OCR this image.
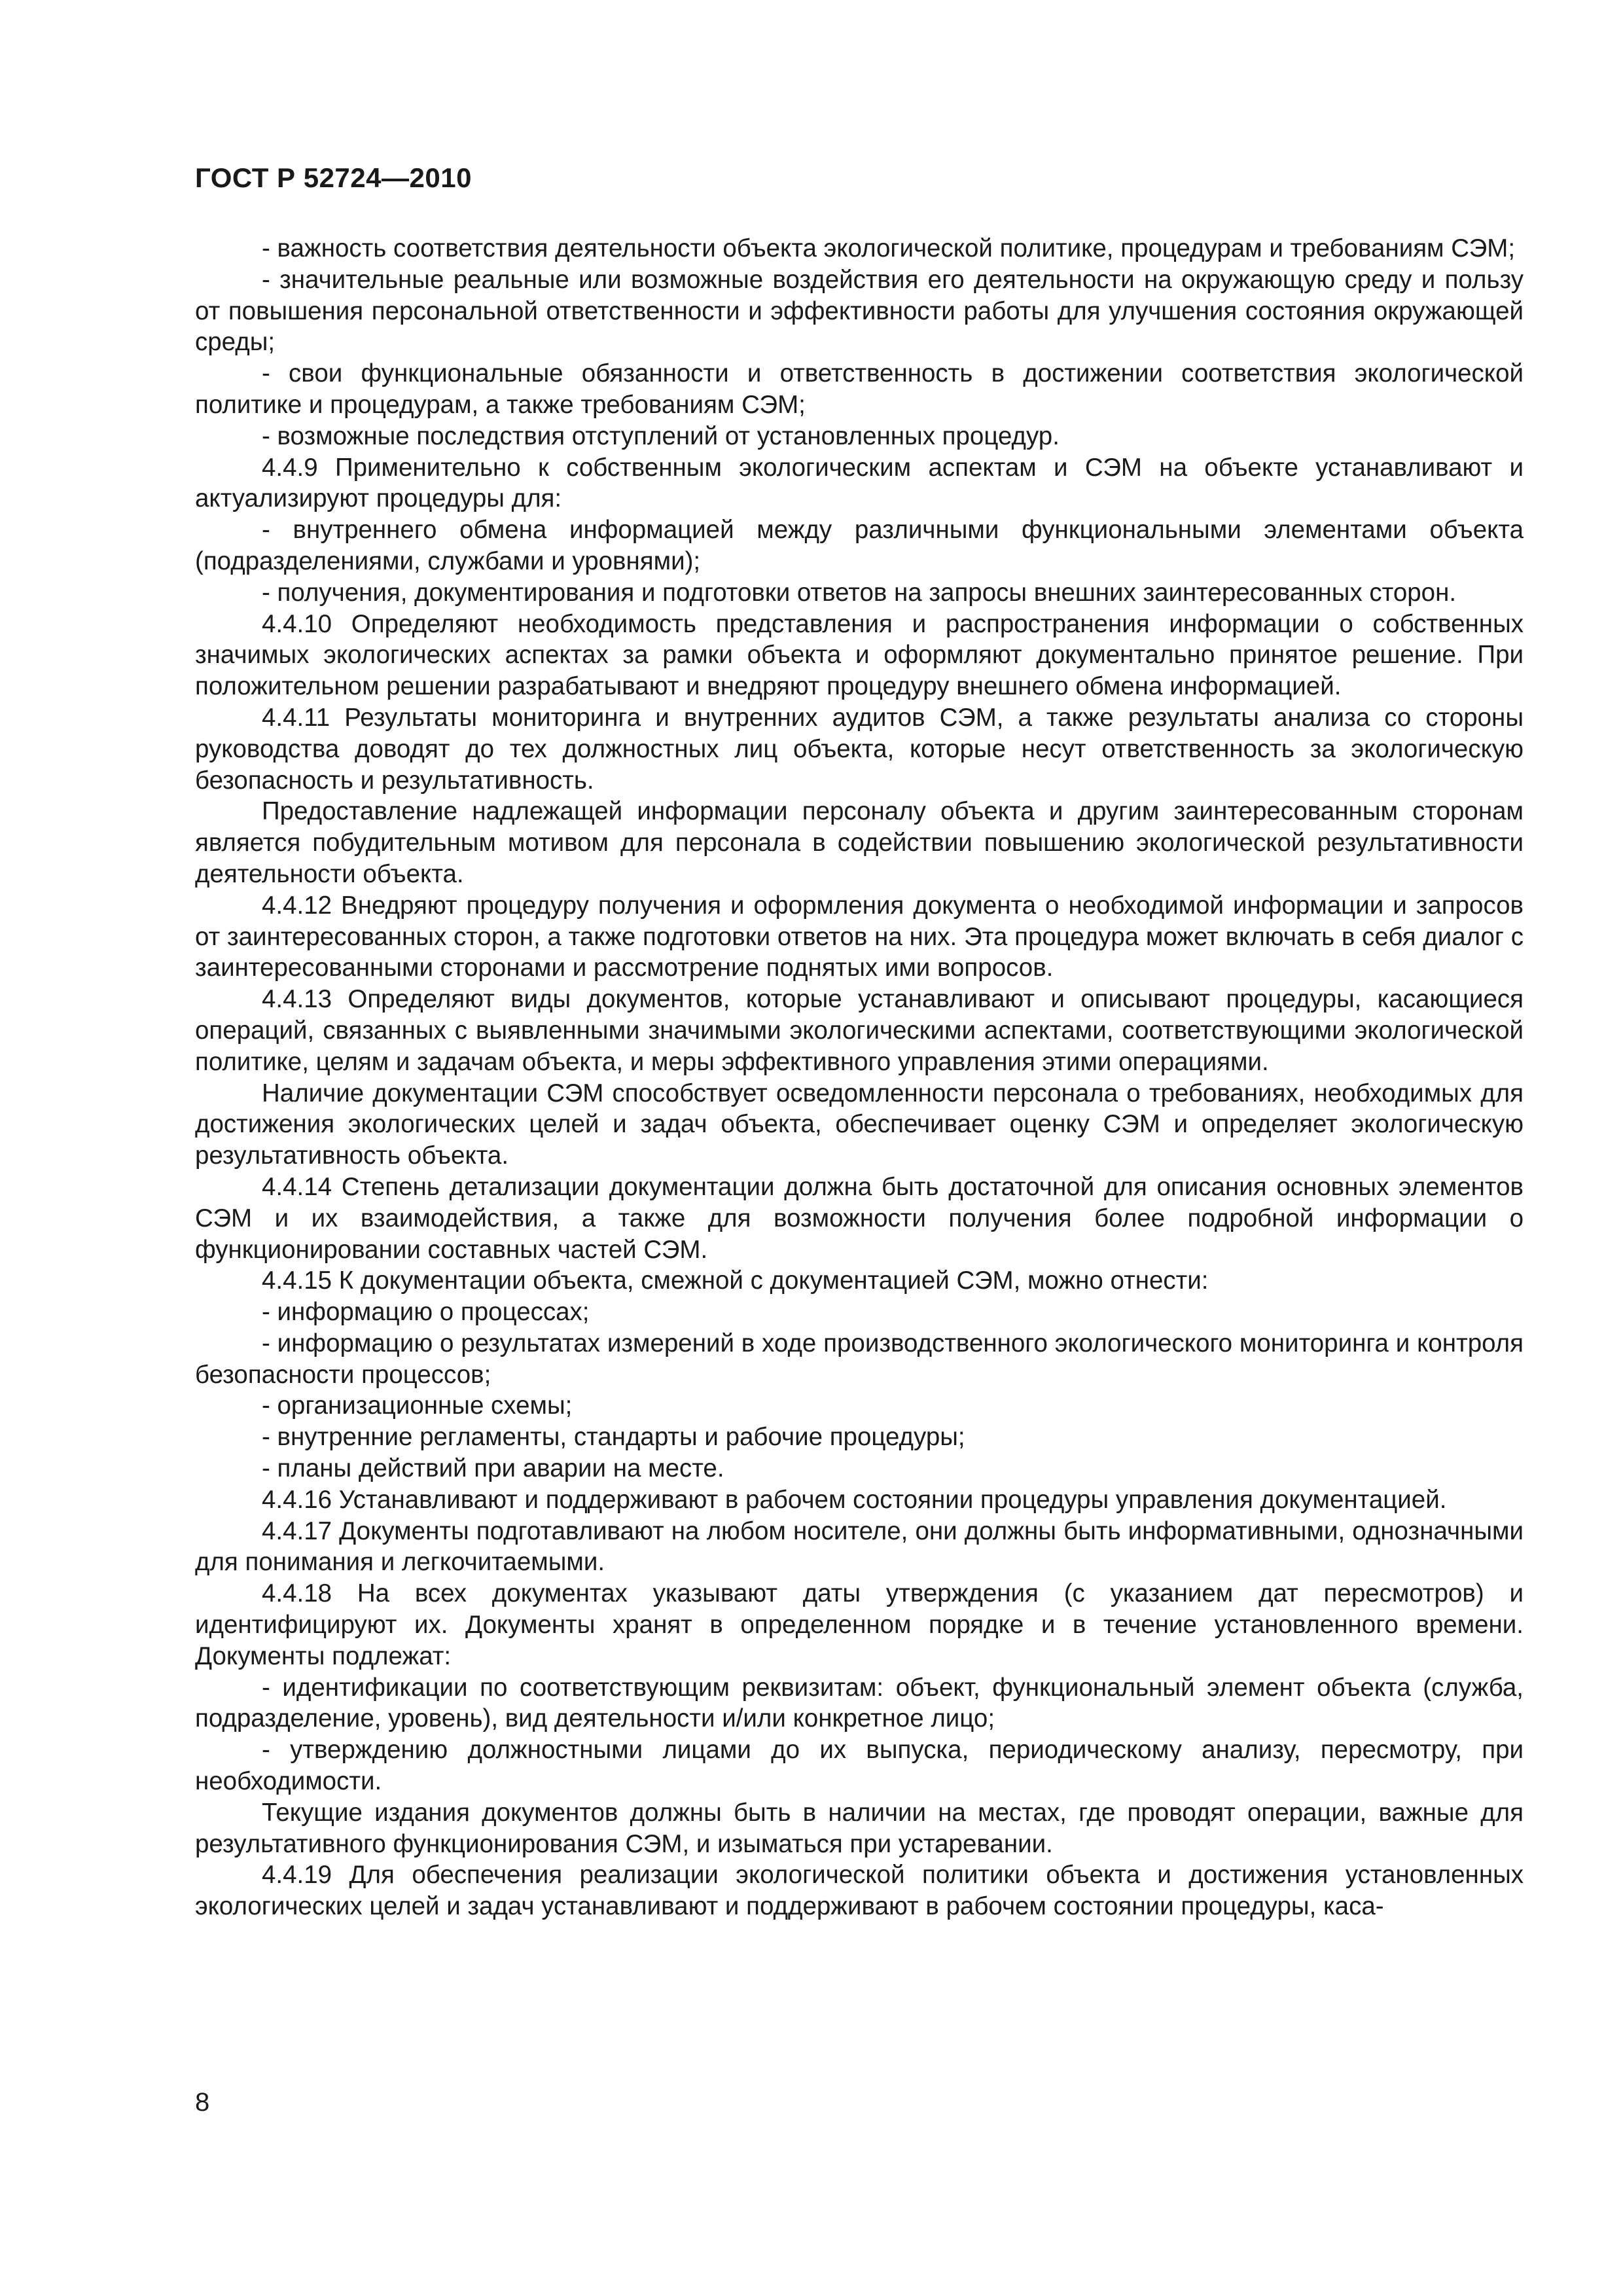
ГОСТ Р 52724—2010

- важность соответствия деятельности объекта экологической политике, процедурам и требованиям СЭМ;

- значительные реальные или возможные воздействия его деятельности на окружающую среду и пользу от повышения персональной ответственности и эффективности работы для улучшения состояния окружающей среды;

- свои функциональные обязанности и ответственность в достижении соответствия экологической политике и процедурам, а также требованиям СЭМ;

- возможные последствия отступлений от установленных процедур.

4.4.9 Применительно к собственным экологическим аспектам и СЭМ на объекте устанавливают и актуализируют процедуры для:

- внутреннего обмена информацией между различными функциональными элементами объекта (подразделениями, службами и уровнями);

- получения, документирования и подготовки ответов на запросы внешних заинтересованных сторон.

4.4.10 Определяют необходимость представления и распространения информации о собственных значимых экологических аспектах за рамки объекта и оформляют документально принятое решение. При положительном решении разрабатывают и внедряют процедуру внешнего обмена информацией.

4.4.11 Результаты мониторинга и внутренних аудитов СЭМ, а также результаты анализа со стороны руководства доводят до тех должностных лиц объекта, которые несут ответственность за экологическую безопасность и результативность.

Предоставление надлежащей информации персоналу объекта и другим заинтересованным сторонам является побудительным мотивом для персонала в содействии повышению экологической результативности деятельности объекта.

4.4.12 Внедряют процедуру получения и оформления документа о необходимой информации и запросов от заинтересованных сторон, а также подготовки ответов на них. Эта процедура может включать в себя диалог с заинтересованными сторонами и рассмотрение поднятых ими вопросов.

4.4.13 Определяют виды документов, которые устанавливают и описывают процедуры, касающиеся операций, связанных с выявленными значимыми экологическими аспектами, соответствующими экологической политике, целям и задачам объекта, и меры эффективного управления этими операциями.

Наличие документации СЭМ способствует осведомленности персонала о требованиях, необходимых для достижения экологических целей и задач объекта, обеспечивает оценку СЭМ и определяет экологическую результативность объекта.

4.4.14 Степень детализации документации должна быть достаточной для описания основных элементов СЭМ и их взаимодействия, а также для возможности получения более подробной информации о функционировании составных частей СЭМ.

4.4.15 К документации объекта, смежной с документацией СЭМ, можно отнести:

- информацию о процессах;

- информацию о результатах измерений в ходе производственного экологического мониторинга и контроля безопасности процессов;

- организационные схемы;

- внутренние регламенты, стандарты и рабочие процедуры;

- планы действий при аварии на месте.

4.4.16 Устанавливают и поддерживают в рабочем состоянии процедуры управления документацией.

4.4.17 Документы подготавливают на любом носителе, они должны быть информативными, однозначными для понимания и легкочитаемыми.

4.4.18 На всех документах указывают даты утверждения (с указанием дат пересмотров) и идентифицируют их. Документы хранят в определенном порядке и в течение установленного времени. Документы подлежат:

- идентификации по соответствующим реквизитам: объект, функциональный элемент объекта (служба, подразделение, уровень), вид деятельности и/или конкретное лицо;

- утверждению должностными лицами до их выпуска, периодическому анализу, пересмотру, при необходимости.

Текущие издания документов должны быть в наличии на местах, где проводят операции, важные для результативного функционирования СЭМ, и изыматься при устаревании.

4.4.19 Для обеспечения реализации экологической политики объекта и достижения установленных экологических целей и задач устанавливают и поддерживают в рабочем состоянии процедуры, каса-

8
